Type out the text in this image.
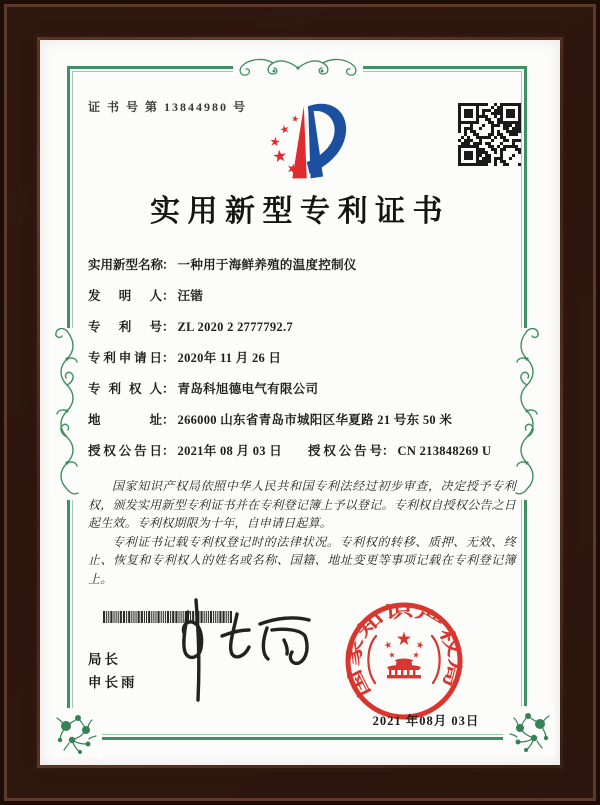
证 书 号 第 13844980 号
实用新型专利证书
实用新型名称： 一种用于海鲜养殖的温度控制仪
发明人： 汪锴
专利号： ZL 2020 2 2777792.7
专利申请日： 2020年 11 月 26 日
专利权人： 青岛科旭德电气有限公司
地址： 266000 山东省青岛市城阳区华夏路 21 号东 50 米
授权公告日： 2021年 08 月 03 日 授权公告号： CN 213848269 U

国家知识产权局依照中华人民共和国专利法经过初步审查，决定授予专利权，颁发实用新型专利证书并在专利登记簿上予以登记。专利权自授权公告之日起生效。专利权期限为十年，自申请日起算。

专利证书记载专利权登记时的法律状况。专利权的转移、质押、无效、终止、恢复和专利权人的姓名或名称、国籍、地址变更等事项记载在专利登记簿上。

局长
申长雨	国家知识产权局
2021 年08月 03日
